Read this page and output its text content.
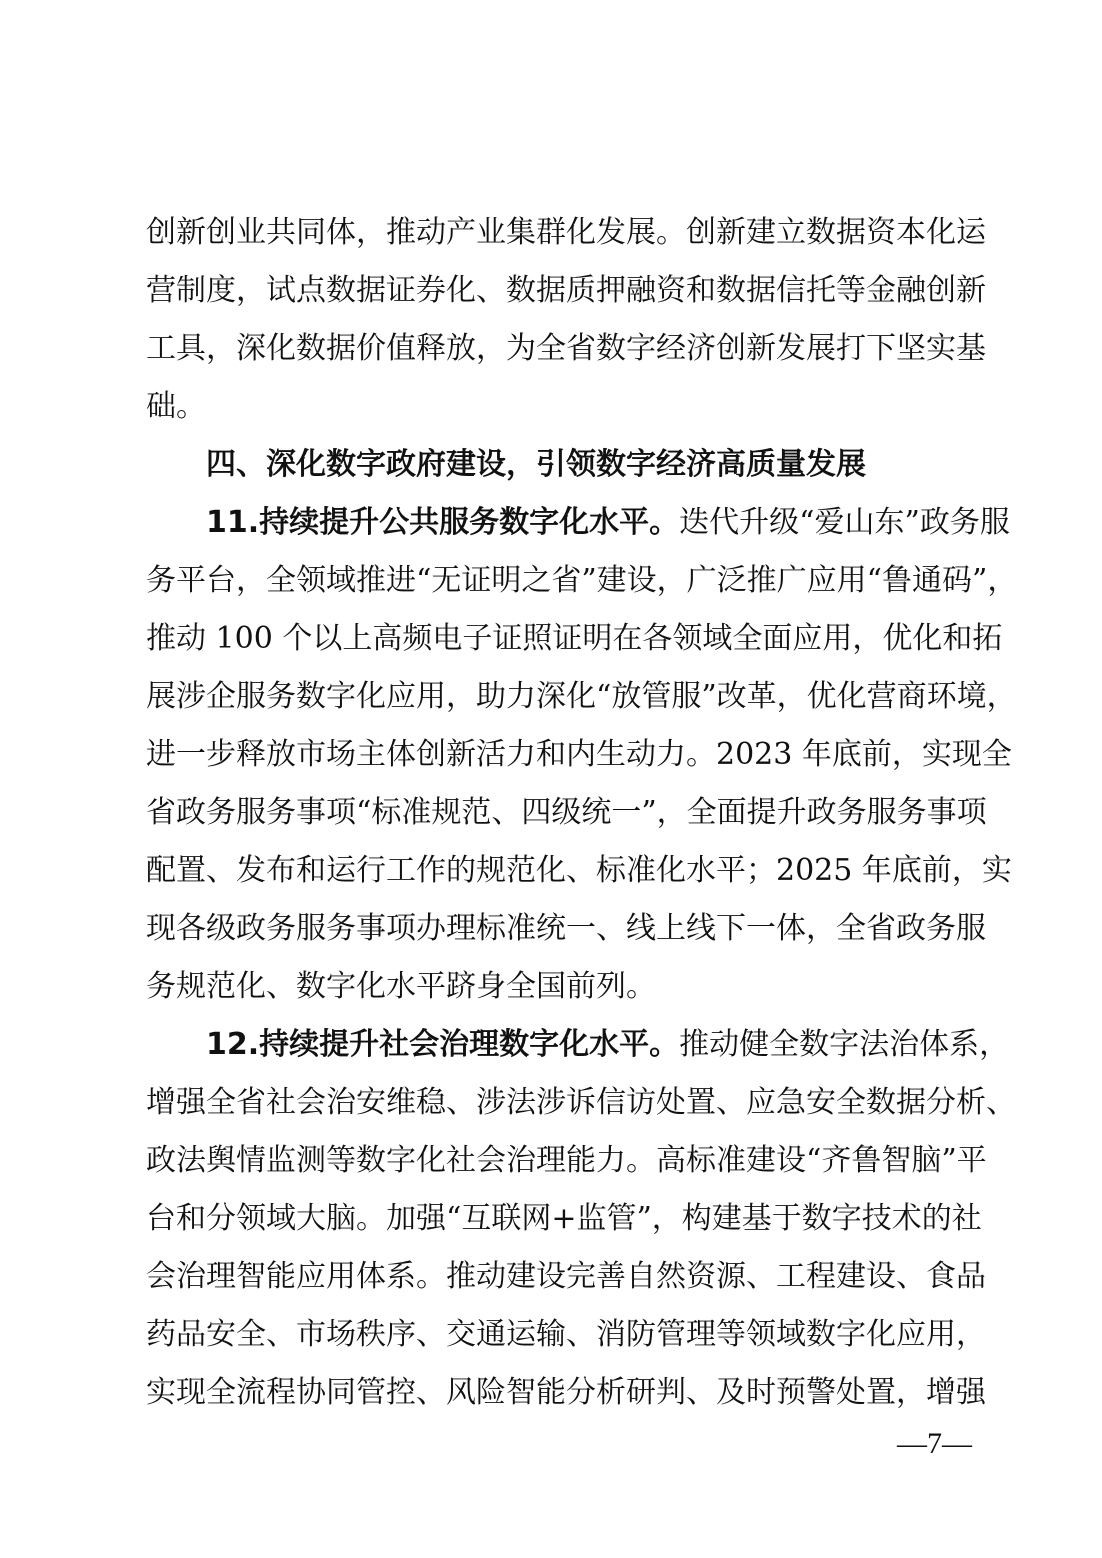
创新创业共同体，推动产业集群化发展。创新建立数据资本化运
营制度，试点数据证券化、数据质押融资和数据信托等金融创新
工具，深化数据价值释放，为全省数字经济创新发展打下坚实基
础。
四、深化数字政府建设，引领数字经济高质量发展
11.持续提升公共服务数字化水平。迭代升级“爱山东”政务服
务平台，全领域推进“无证明之省”建设，广泛推广应用“鲁通码”，
推动 100 个以上高频电子证照证明在各领域全面应用，优化和拓
展涉企服务数字化应用，助力深化“放管服”改革，优化营商环境，
进一步释放市场主体创新活力和内生动力。2023 年底前，实现全
省政务服务事项“标准规范、四级统一”，全面提升政务服务事项
配置、发布和运行工作的规范化、标准化水平；2025 年底前，实
现各级政务服务事项办理标准统一、线上线下一体，全省政务服
务规范化、数字化水平跻身全国前列。
12.持续提升社会治理数字化水平。推动健全数字法治体系，
增强全省社会治安维稳、涉法涉诉信访处置、应急安全数据分析、
政法舆情监测等数字化社会治理能力。高标准建设“齐鲁智脑”平
台和分领域大脑。加强“互联网+监管”，构建基于数字技术的社
会治理智能应用体系。推动建设完善自然资源、工程建设、食品
药品安全、市场秩序、交通运输、消防管理等领域数字化应用，
实现全流程协同管控、风险智能分析研判、及时预警处置，增强
—7—
